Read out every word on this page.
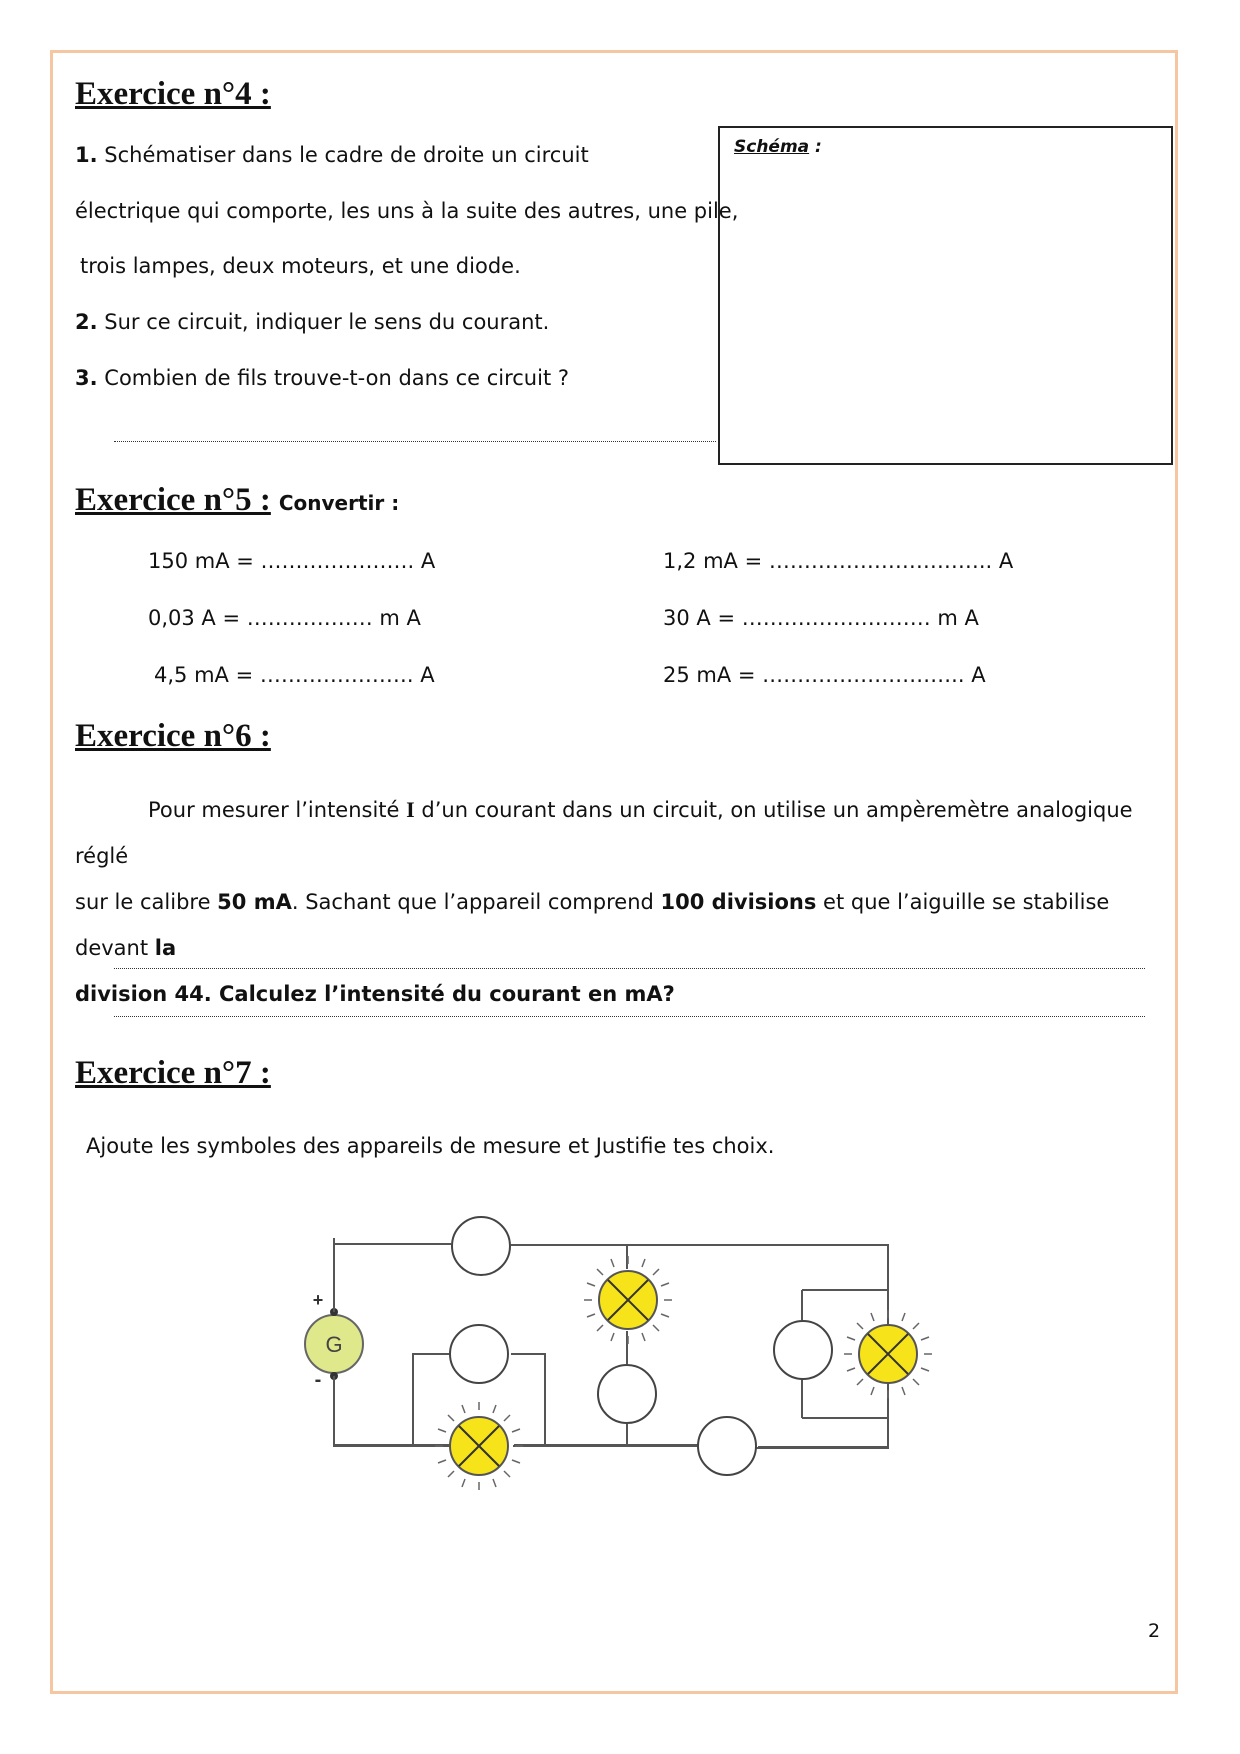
Exercice n°4 :
1. Schématiser dans le cadre de droite un circuit
électrique qui comporte, les uns à la suite des autres, une pile,
trois lampes, deux moteurs, et une diode.
2. Sur ce circuit, indiquer le sens du courant.
3. Combien de fils trouve-t-on dans ce circuit ?
Schéma :
Exercice n°5 : Convertir :
150 mA = …………………. A	1,2 mA = ………………………….. A
0,03 A = ……………… m A	30 A = ……………………… m A
4,5 mA = …………………. A	25 mA = ……………………….. A
Exercice n°6 :

Pour mesurer l’intensité I d’un courant dans un circuit, on utilise un ampèremètre analogique réglé

sur le calibre 50 mA. Sachant que l’appareil comprend 100 divisions et que l’aiguille se stabilise devant la

division 44. Calculez l’intensité du courant en mA?

Exercice n°7 :
Ajoute les symboles des appareils de mesure et Justifie tes choix.
G
+
-
2
